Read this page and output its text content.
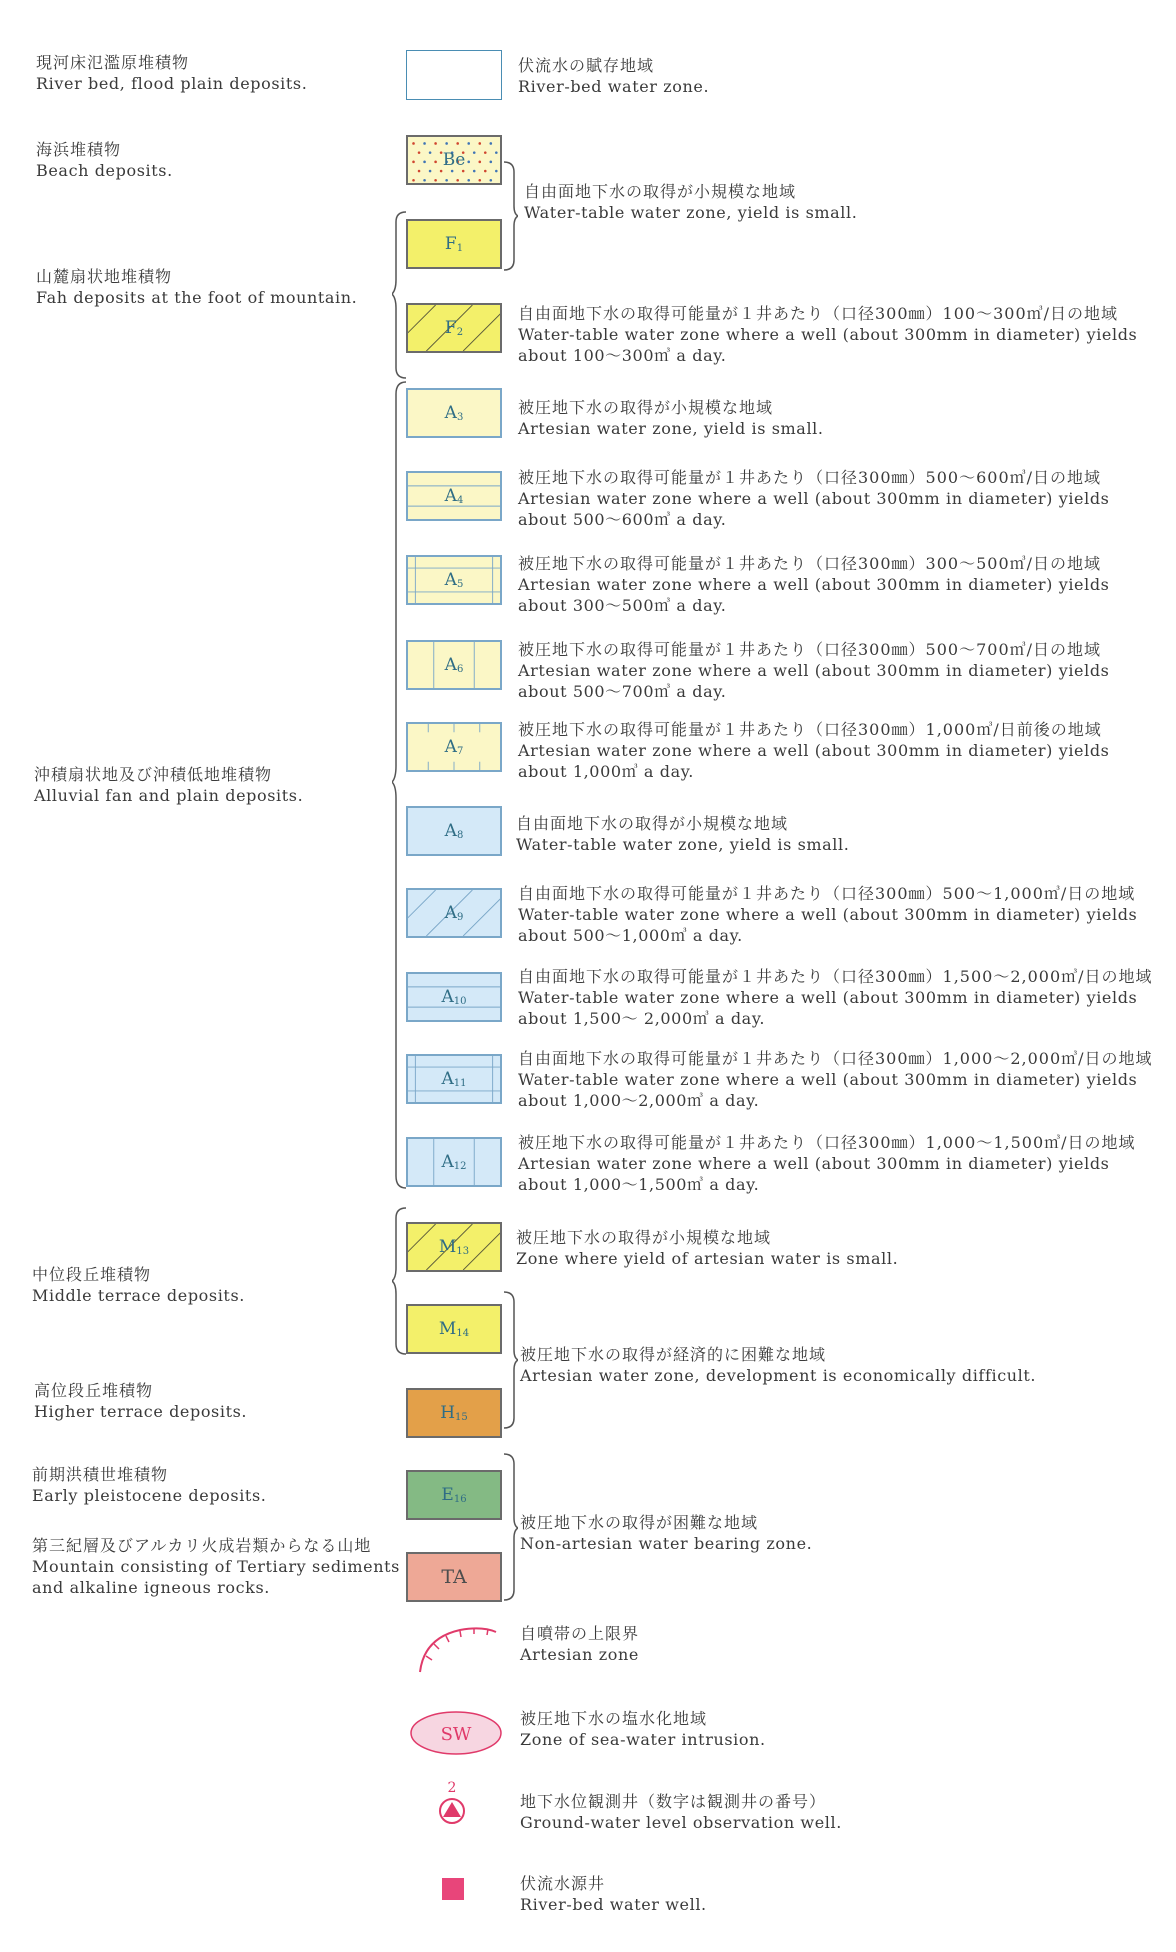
現河床氾濫原堆積物
River bed, flood plain deposits.
海浜堆積物
Beach deposits.
山麓扇状地堆積物
Fah deposits at the foot of mountain.
沖積扇状地及び沖積低地堆積物
Alluvial fan and plain deposits.
中位段丘堆積物
Middle terrace deposits.
高位段丘堆積物
Higher terrace deposits.
前期洪積世堆積物
Early pleistocene deposits.
第三紀層及びアルカリ火成岩類からなる山地
Mountain consisting of Tertiary sediments
and alkaline igneous rocks.
Be
$F_1$
$F_2$
$A_3$
$A_4$
$A_5$
$A_6$
$A_7$
$A_8$
$A_9$
$A_{10}$
$A_{11}$
$A_{12}$
$M_{13}$
$M_{14}$
$H_{15}$
$E_{16}$
TA
伏流水の賦存地域
River-bed water zone.
自由面地下水の取得が小規模な地域
Water-table water zone, yield is small.
自由面地下水の取得可能量が１井あたり（口径300㎜）100～300㎥/日の地域
Water-table water zone where a well (about 300mm in diameter) yields
about 100～300㎥ a day.
被圧地下水の取得が小規模な地域
Artesian water zone, yield is small.
被圧地下水の取得可能量が１井あたり（口径300㎜）500～600㎥/日の地域
Artesian water zone where a well (about 300mm in diameter) yields
about 500～600㎥ a day.
被圧地下水の取得可能量が１井あたり（口径300㎜）300～500㎥/日の地域
Artesian water zone where a well (about 300mm in diameter) yields
about 300～500㎥ a day.
被圧地下水の取得可能量が１井あたり（口径300㎜）500～700㎥/日の地域
Artesian water zone where a well (about 300mm in diameter) yields
about 500～700㎥ a day.
被圧地下水の取得可能量が１井あたり（口径300㎜）1,000㎥/日前後の地域
Artesian water zone where a well (about 300mm in diameter) yields
about 1,000㎥ a day.
自由面地下水の取得が小規模な地域
Water-table water zone, yield is small.
自由面地下水の取得可能量が１井あたり（口径300㎜）500～1,000㎥/日の地域
Water-table water zone where a well (about 300mm in diameter) yields
about 500～1,000㎥ a day.
自由面地下水の取得可能量が１井あたり（口径300㎜）1,500～2,000㎥/日の地域
Water-table water zone where a well (about 300mm in diameter) yields
about 1,500～ 2,000㎥ a day.
自由面地下水の取得可能量が１井あたり（口径300㎜）1,000～2,000㎥/日の地域
Water-table water zone where a well (about 300mm in diameter) yields
about 1,000～2,000㎥ a day.
被圧地下水の取得可能量が１井あたり（口径300㎜）1,000～1,500㎥/日の地域
Artesian water zone where a well (about 300mm in diameter) yields
about 1,000～1,500㎥ a day.
被圧地下水の取得が小規模な地域
Zone where yield of artesian water is small.
被圧地下水の取得が経済的に困難な地域
Artesian water zone, development is economically difficult.
被圧地下水の取得が困難な地域
Non-artesian water bearing zone.
自噴帯の上限界
Artesian zone
SW
被圧地下水の塩水化地域
Zone of sea-water intrusion.
2
地下水位観測井（数字は観測井の番号）
Ground-water level observation well.
伏流水源井
River-bed water well.
